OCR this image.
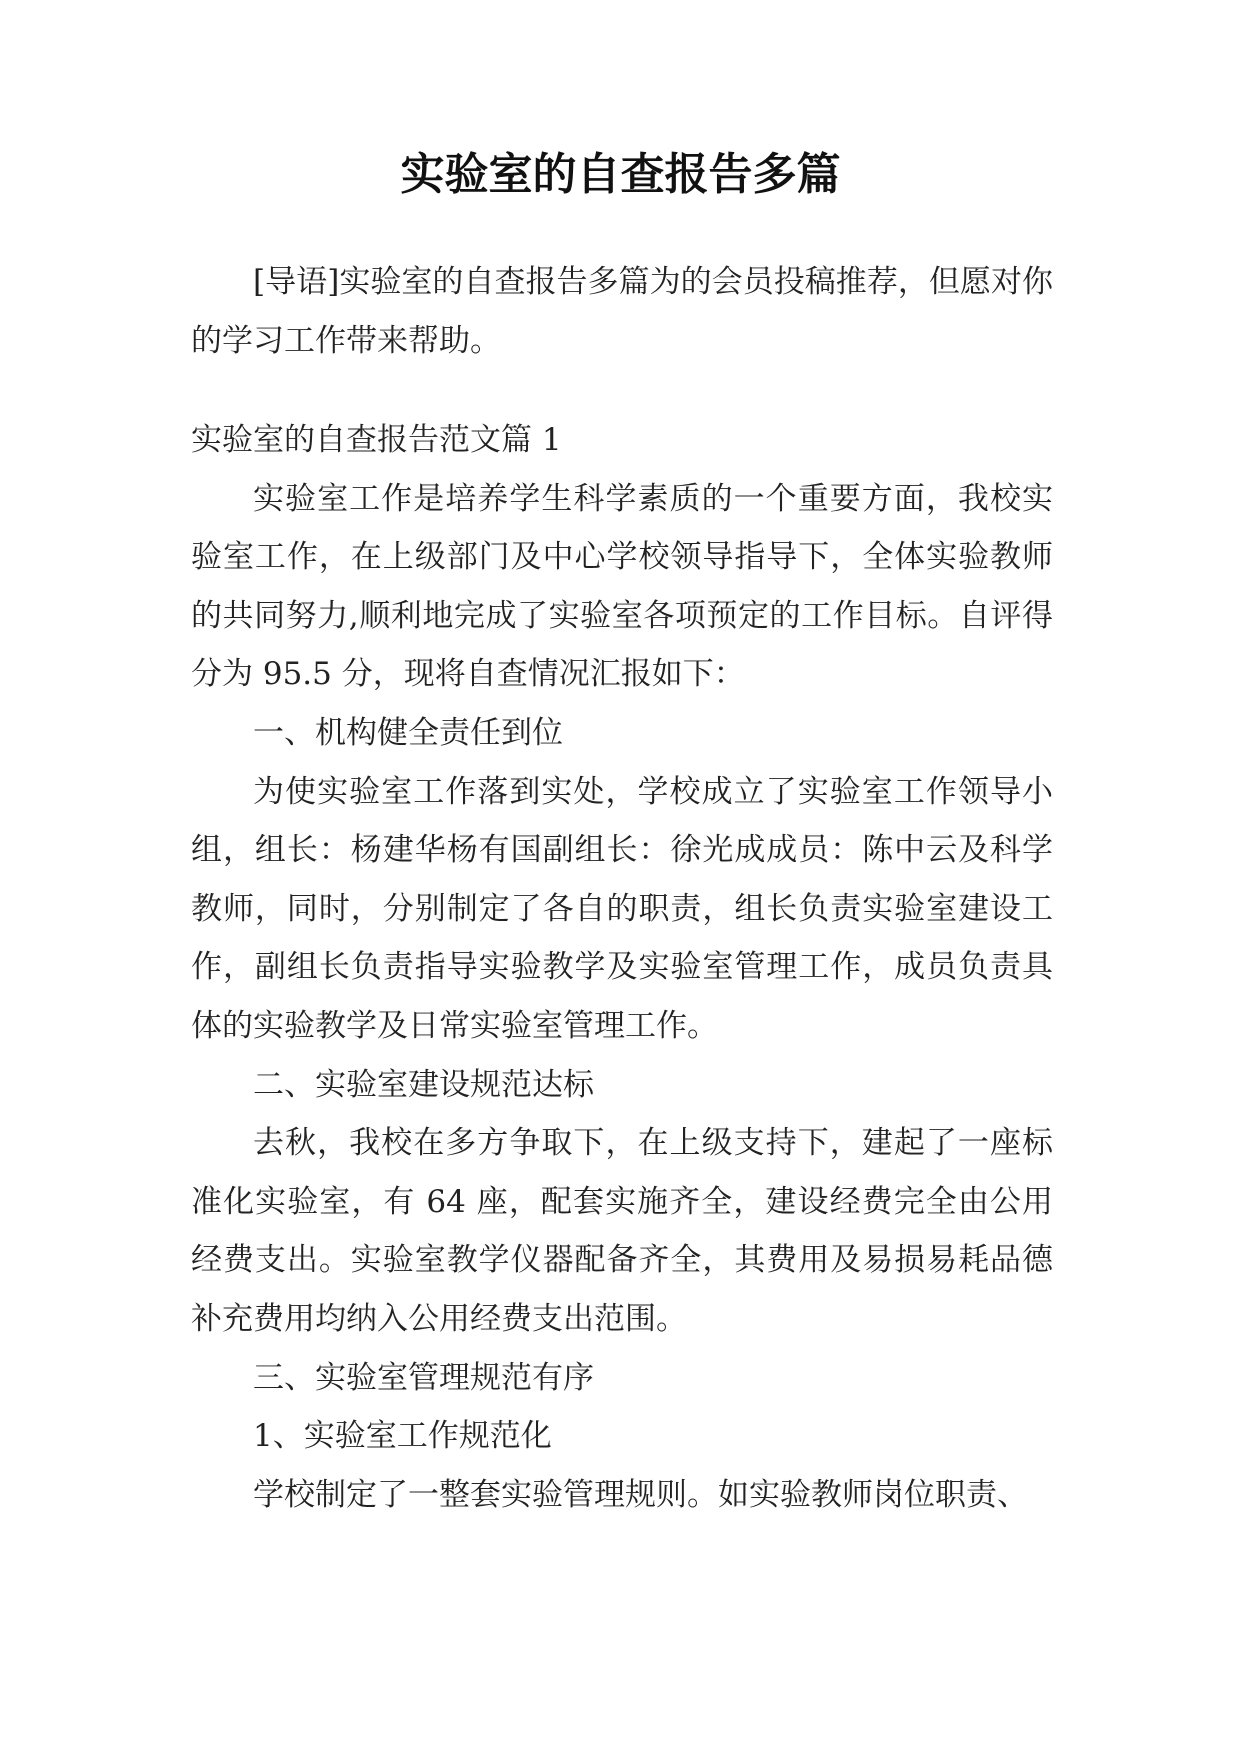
实验室的自查报告多篇

[导语]实验室的自查报告多篇为的会员投稿推荐，但愿对你的学习工作带来帮助。

实验室的自查报告范文篇 1

实验室工作是培养学生科学素质的一个重要方面，我校实验室工作，在上级部门及中心学校领导指导下，全体实验教师的共同努力,顺利地完成了实验室各项预定的工作目标。自评得分为 95.5 分，现将自查情况汇报如下：

一、机构健全责任到位

为使实验室工作落到实处，学校成立了实验室工作领导小组，组长：杨建华杨有国副组长：徐光成成员：陈中云及科学教师，同时，分别制定了各自的职责，组长负责实验室建设工作，副组长负责指导实验教学及实验室管理工作，成员负责具体的实验教学及日常实验室管理工作。

二、实验室建设规范达标

去秋，我校在多方争取下，在上级支持下，建起了一座标准化实验室，有 64 座，配套实施齐全，建设经费完全由公用经费支出。实验室教学仪器配备齐全，其费用及易损易耗品德补充费用均纳入公用经费支出范围。

三、实验室管理规范有序

1、实验室工作规范化

学校制定了一整套实验管理规则。如实验教师岗位职责、
